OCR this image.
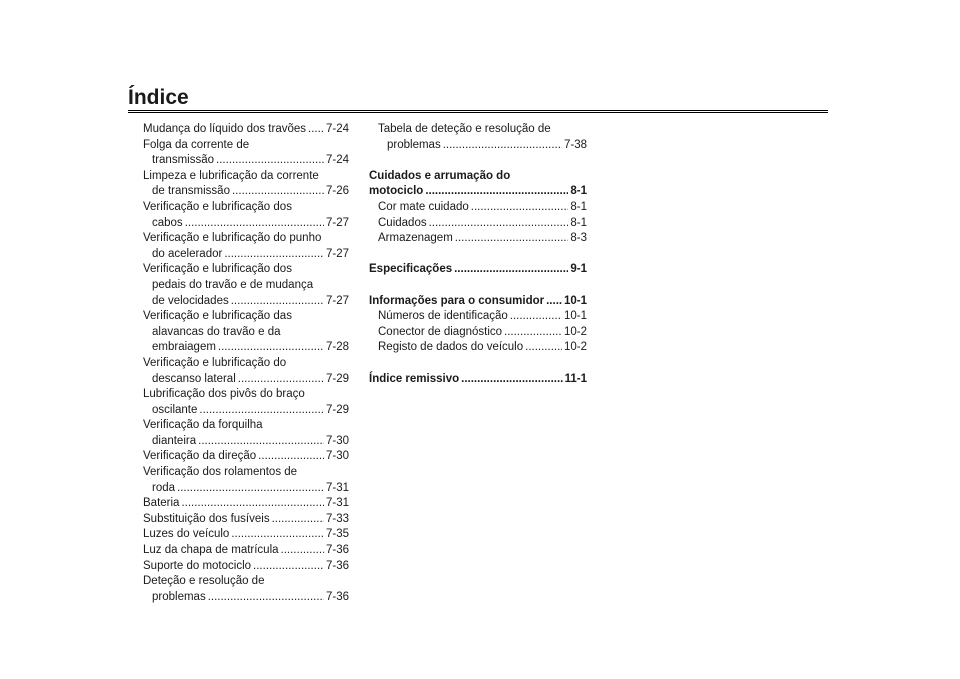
Índice
Mudança do líquido dos travões ..... 7-24
Folga da corrente de
transmissão .....	7-24
Limpeza e lubrificação da corrente
de transmissão .....	7-26
Verificação e lubrificação dos
cabos .....	7-27
Verificação e lubrificação do punho
do acelerador .....	7-27
Verificação e lubrificação dos
pedais do travão e de mudança
de velocidades .....	7-27
Verificação e lubrificação das
alavancas do travão e da
embraiagem .....	7-28
Verificação e lubrificação do
descanso lateral .....	7-29
Lubrificação dos pivôs do braço
oscilante .....	7-29
Verificação da forquilha
dianteira .....	7-30
Verificação da direção .....	7-30
Verificação dos rolamentos de
roda .....	7-31
Bateria .....	7-31
Substituição dos fusíveis .....	7-33
Luzes do veículo .....	7-35
Luz da chapa de matrícula .....	7-36
Suporte do motociclo .....	7-36
Deteção e resolução de
problemas .....	7-36
Tabela de deteção e resolução de
problemas .....	7-38
Cuidados e arrumação do
motociclo .....	8-1
Cor mate cuidado .....	8-1
Cuidados .....	8-1
Armazenagem .....	8-3
Especificações .....	9-1
Informações para o consumidor ..... 10-1
Números de identificação .....	10-1
Conector de diagnóstico .....	10-2
Registo de dados do veículo .....	10-2
Índice remissivo .....	11-1
